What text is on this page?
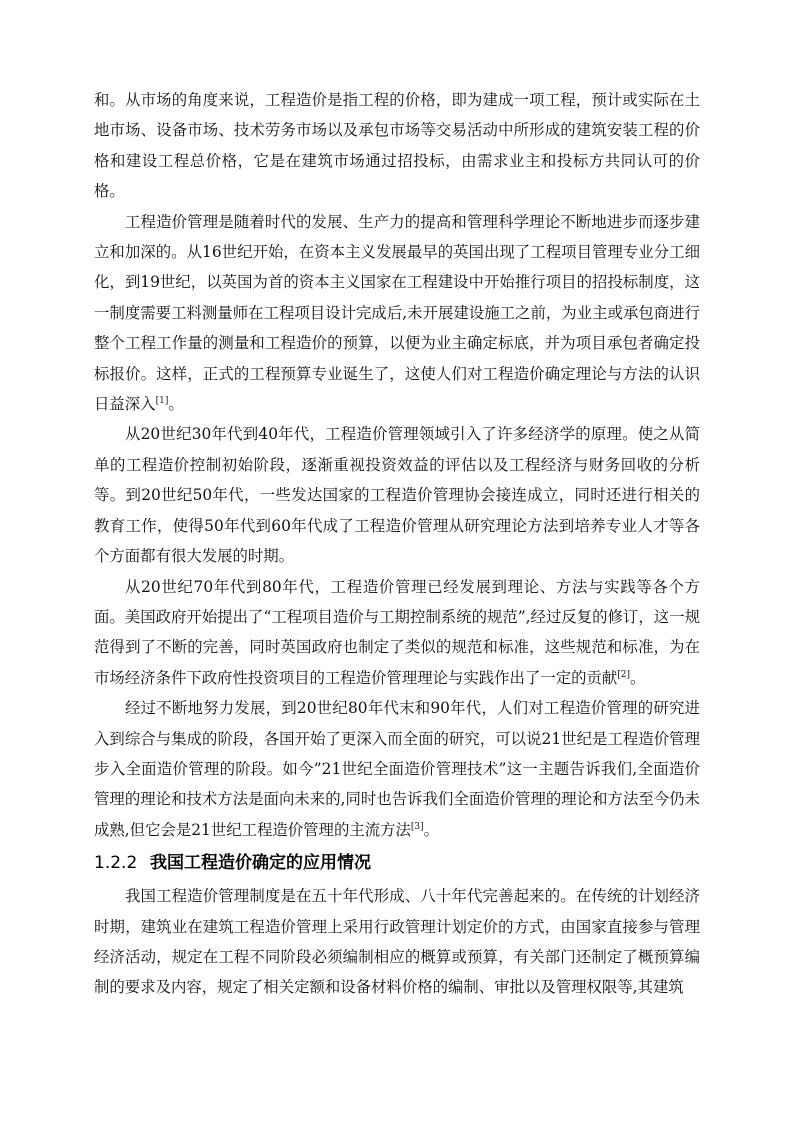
和。从市场的角度来说，工程造价是指工程的价格，即为建成一项工程，预计或实际在土地市场、设备市场、技术劳务市场以及承包市场等交易活动中所形成的建筑安装工程的价格和建设工程总价格，它是在建筑市场通过招投标，由需求业主和投标方共同认可的价格。

工程造价管理是随着时代的发展、生产力的提高和管理科学理论不断地进步而逐步建立和加深的。从16世纪开始，在资本主义发展最早的英国出现了工程项目管理专业分工细化，到19世纪，以英国为首的资本主义国家在工程建设中开始推行项目的招投标制度，这一制度需要工料测量师在工程项目设计完成后,未开展建设施工之前，为业主或承包商进行整个工程工作量的测量和工程造价的预算，以便为业主确定标底，并为项目承包者确定投标报价。这样，正式的工程预算专业诞生了，这使人们对工程造价确定理论与方法的认识日益深入[1]。

从20世纪30年代到40年代，工程造价管理领域引入了许多经济学的原理。使之从简单的工程造价控制初始阶段，逐渐重视投资效益的评估以及工程经济与财务回收的分析等。到20世纪50年代，一些发达国家的工程造价管理协会接连成立，同时还进行相关的教育工作，使得50年代到60年代成了工程造价管理从研究理论方法到培养专业人才等各个方面都有很大发展的时期。

从20世纪70年代到80年代，工程造价管理已经发展到理论、方法与实践等各个方面。美国政府开始提出了“工程项目造价与工期控制系统的规范”,经过反复的修订，这一规范得到了不断的完善，同时英国政府也制定了类似的规范和标准，这些规范和标准，为在市场经济条件下政府性投资项目的工程造价管理理论与实践作出了一定的贡献[2]。

经过不断地努力发展，到20世纪80年代末和90年代，人们对工程造价管理的研究进入到综合与集成的阶段，各国开始了更深入而全面的研究，可以说21世纪是工程造价管理步入全面造价管理的阶段。如今”21世纪全面造价管理技术”这一主题告诉我们,全面造价管理的理论和技术方法是面向未来的,同时也告诉我们全面造价管理的理论和方法至今仍未成熟,但它会是21世纪工程造价管理的主流方法[3]。

1.2.2 我国工程造价确定的应用情况

我国工程造价管理制度是在五十年代形成、八十年代完善起来的。在传统的计划经济时期，建筑业在建筑工程造价管理上采用行政管理计划定价的方式，由国家直接参与管理经济活动，规定在工程不同阶段必须编制相应的概算或预算，有关部门还制定了概预算编制的要求及内容，规定了相关定额和设备材料价格的编制、审批以及管理权限等,其建筑
